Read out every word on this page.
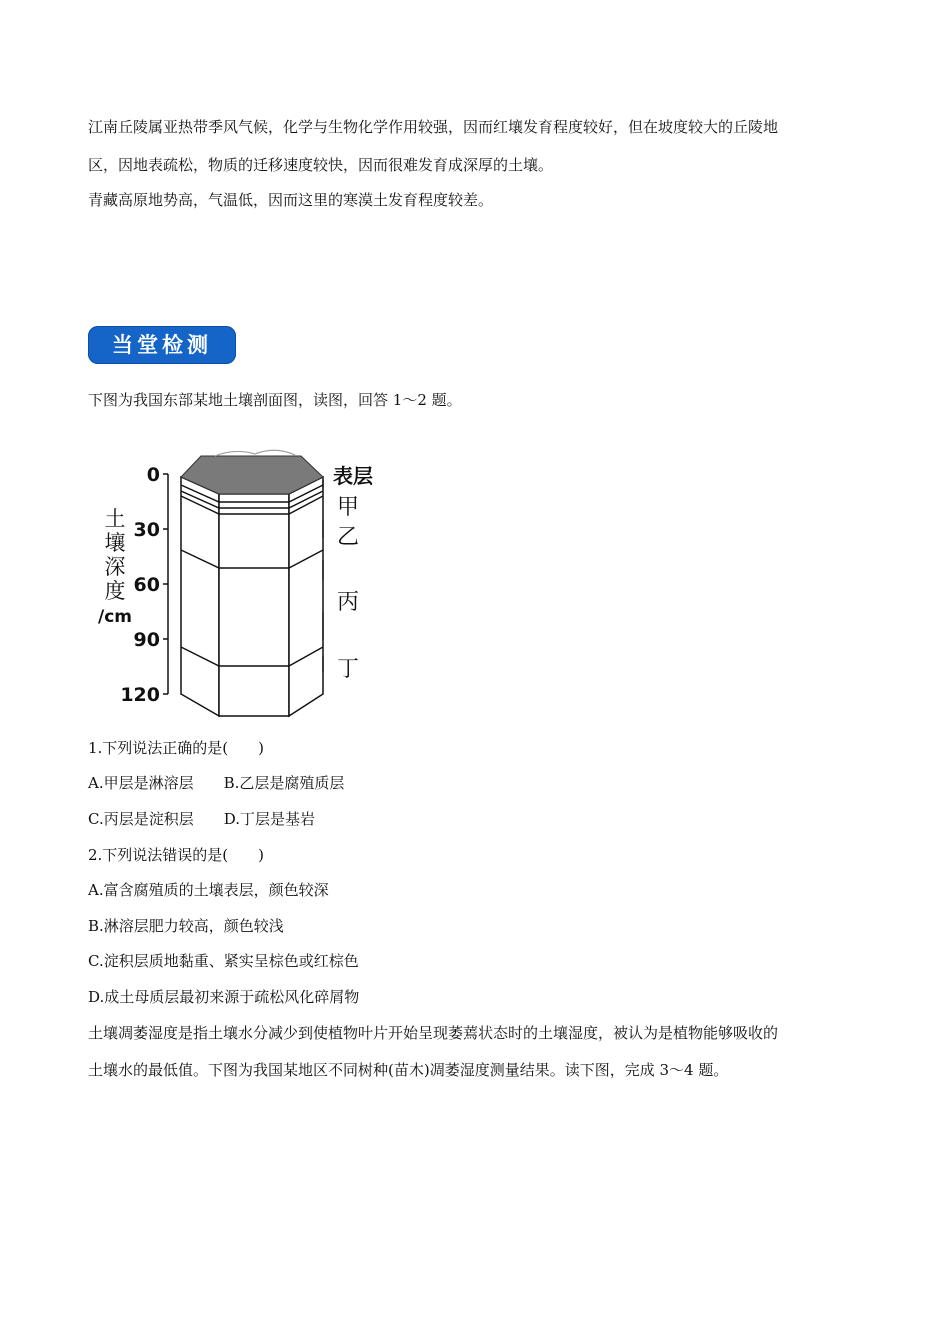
江南丘陵属亚热带季风气候，化学与生物化学作用较强，因而红壤发育程度较好，但在坡度较大的丘陵地

区，因地表疏松，物质的迁移速度较快，因而很难发育成深厚的土壤。

青藏高原地势高，气温低，因而这里的寒漠土发育程度较差。

当堂检测

下图为我国东部某地土壤剖面图，读图，回答 1～2 题。

0
30
60
90
120
土
壤
深
度
/cm
表层
甲
乙
丙
丁

1.下列说法正确的是(　　)

A.甲层是淋溶层　　B.乙层是腐殖质层

C.丙层是淀积层　　D.丁层是基岩

2.下列说法错误的是(　　)

A.富含腐殖质的土壤表层，颜色较深

B.淋溶层肥力较高，颜色较浅

C.淀积层质地黏重、紧实呈棕色或红棕色

D.成土母质层最初来源于疏松风化碎屑物

土壤凋萎湿度是指土壤水分减少到使植物叶片开始呈现萎蔫状态时的土壤湿度，被认为是植物能够吸收的

土壤水的最低值。下图为我国某地区不同树种(苗木)凋萎湿度测量结果。读下图，完成 3～4 题。
